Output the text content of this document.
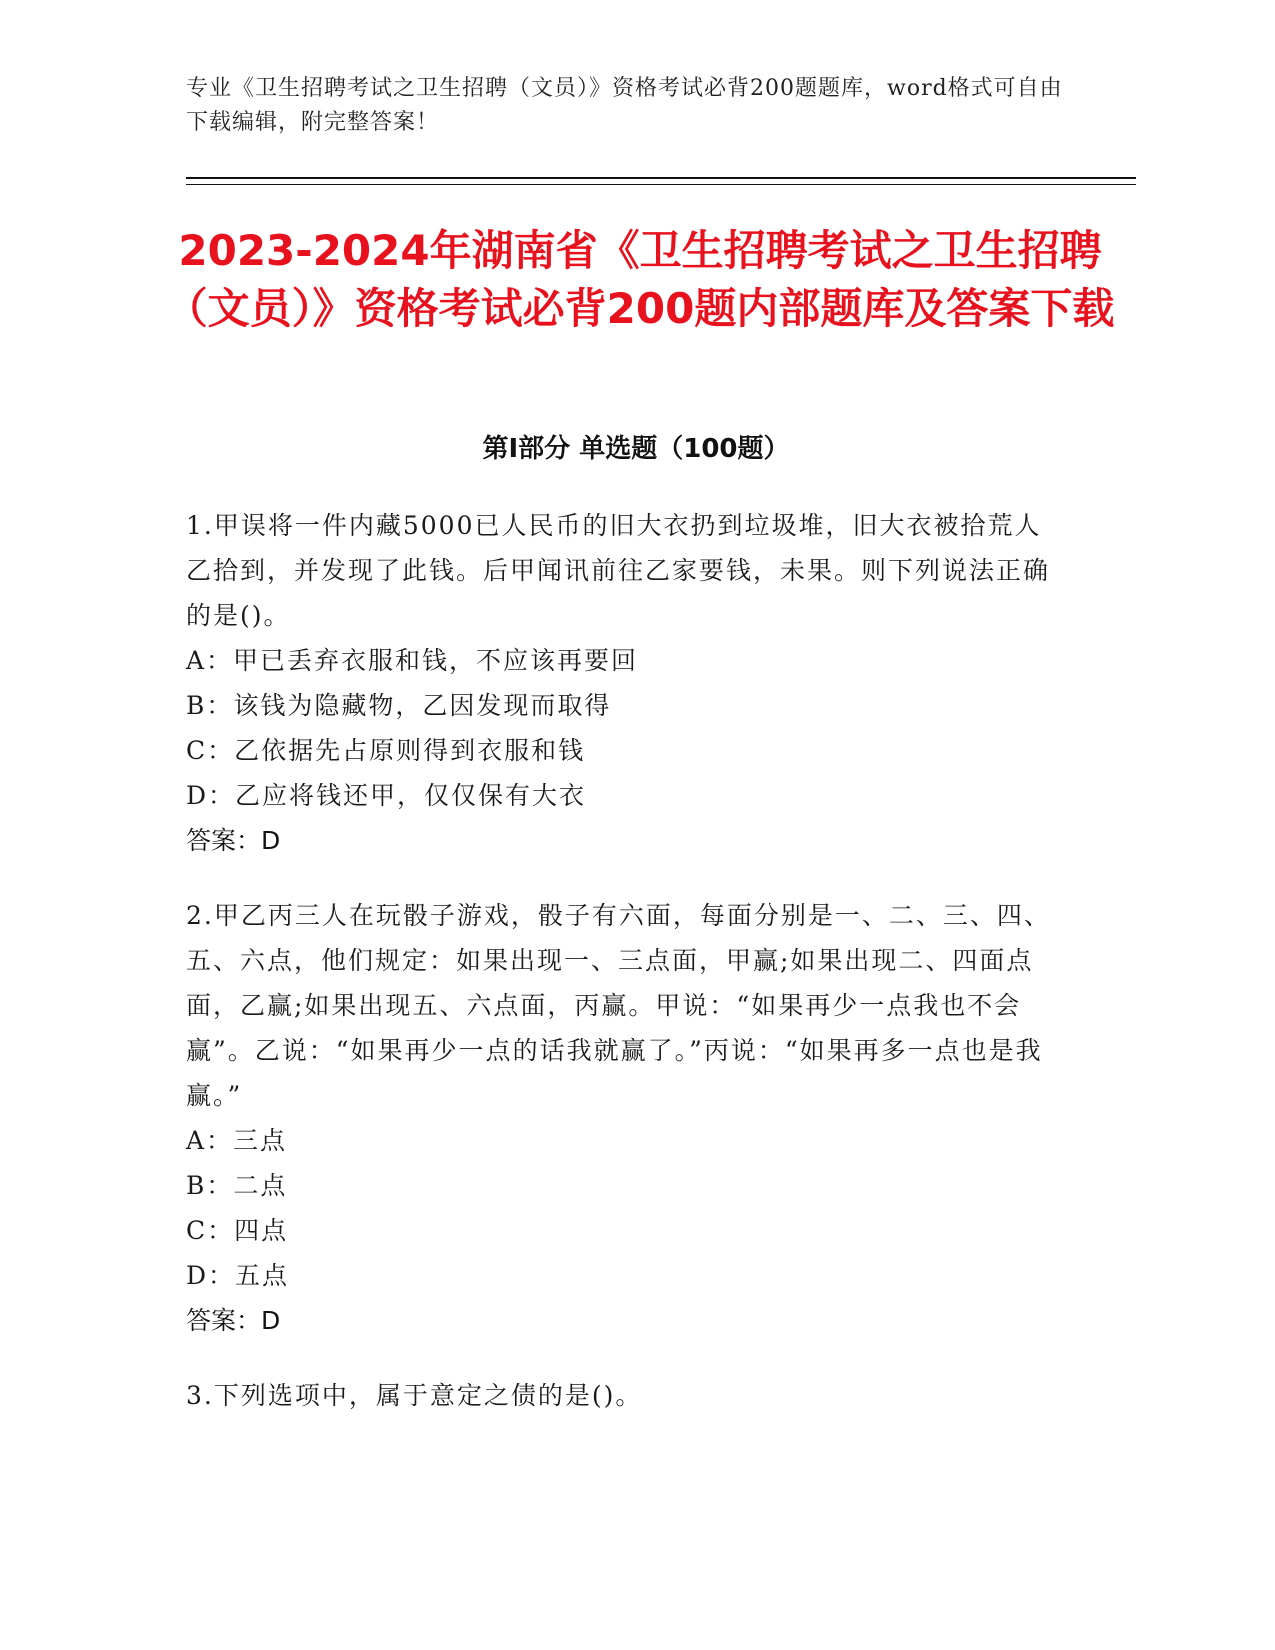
专业《卫生招聘考试之卫生招聘（文员）》资格考试必背200题题库，word格式可自由下载编辑，附完整答案！
2023-2024年湖南省《卫生招聘考试之卫生招聘（文员）》资格考试必背200题内部题库及答案下载
第Ⅰ部分 单选题（100题）

1.甲误将一件内藏5000已人民币的旧大衣扔到垃圾堆，旧大衣被拾荒人乙拾到，并发现了此钱。后甲闻讯前往乙家要钱，未果。则下列说法正确的是()。

A：甲已丢弃衣服和钱，不应该再要回
B：该钱为隐藏物，乙因发现而取得
C：乙依据先占原则得到衣服和钱
D：乙应将钱还甲，仅仅保有大衣
答案：D

2.甲乙丙三人在玩骰子游戏，骰子有六面，每面分别是一、二、三、四、五、六点，他们规定：如果出现一、三点面，甲赢;如果出现二、四面点面，乙赢;如果出现五、六点面，丙赢。甲说：“如果再少一点我也不会赢”。乙说：“如果再少一点的话我就赢了。”丙说：“如果再多一点也是我赢。”

A：三点
B：二点
C：四点
D：五点
答案：D

3.下列选项中，属于意定之债的是()。
